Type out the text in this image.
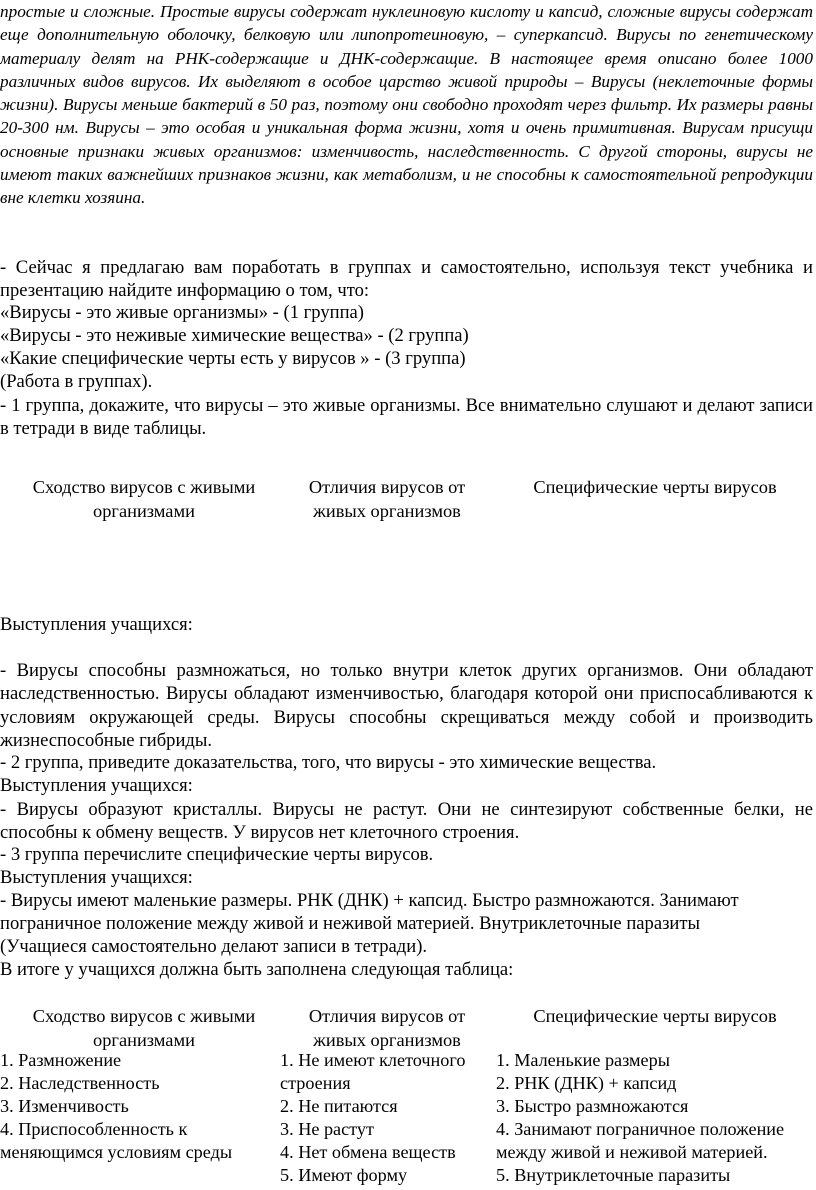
простые и сложные. Простые вирусы содержат нуклеиновую кислоту и капсид, сложные вирусы содержат еще дополнительную оболочку, белковую или липопротеиновую, – суперкапсид. Вирусы по генетическому материалу делят на РНК-содержащие и ДНК-содержащие. В настоящее время описано более 1000 различных видов вирусов. Их выделяют в особое царство живой природы – Вирусы (неклеточные формы жизни). Вирусы меньше бактерий в 50 раз, поэтому они свободно проходят через фильтр. Их размеры равны 20-300 нм. Вирусы – это особая и уникальная форма жизни, хотя и очень примитивная. Вирусам присущи основные признаки живых организмов: изменчивость, наследственность. С другой стороны, вирусы не имеют таких важнейших признаков жизни, как метаболизм, и не способны к самостоятельной репродукции вне клетки хозяина.

- Сейчас я предлагаю вам поработать в группах и самостоятельно, используя текст учебника и презентацию найдите информацию о том, что:

«Вирусы - это живые организмы» - (1 группа)
«Вирусы - это неживые химические вещества» - (2 группа)
«Какие специфические черты есть у вирусов » - (3 группа)
(Работа в группах).

- 1 группа, докажите, что вирусы – это живые организмы. Все внимательно слушают и делают записи в тетради в виде таблицы.

Сходство вирусов с живыми организмами
Отличия вирусов от живых организмов
Специфические черты вирусов
Выступления учащихся:

- Вирусы способны размножаться, но только внутри клеток других организмов. Они обладают наследственностью. Вирусы обладают изменчивостью, благодаря которой они приспосабливаются к условиям окружающей среды. Вирусы способны скрещиваться между собой и производить жизнеспособные гибриды.

- 2 группа, приведите доказательства, того, что вирусы - это химические вещества.
Выступления учащихся:

- Вирусы образуют кристаллы. Вирусы не растут. Они не синтезируют собственные белки, не способны к обмену веществ. У вирусов нет клеточного строения.

- 3 группа перечислите специфические черты вирусов.
Выступления учащихся:
- Вирусы имеют маленькие размеры. РНК (ДНК) + капсид. Быстро размножаются. Занимают
пограничное положение между живой и неживой материей. Внутриклеточные паразиты
(Учащиеся самостоятельно делают записи в тетради).
В итоге у учащихся должна быть заполнена следующая таблица:
Сходство вирусов с живыми организмами
Отличия вирусов от живых организмов
Специфические черты вирусов
1. Размножение
2. Наследственность
3. Изменчивость
4. Приспособленность к
меняющимся условиям среды
1. Не имеют клеточного
строения
2. Не питаются
3. Не растут
4. Нет обмена веществ
5. Имеют форму
1. Маленькие размеры
2. РНК (ДНК) + капсид
3. Быстро размножаются
4. Занимают пограничное положение
между живой и неживой материей.
5. Внутриклеточные паразиты
